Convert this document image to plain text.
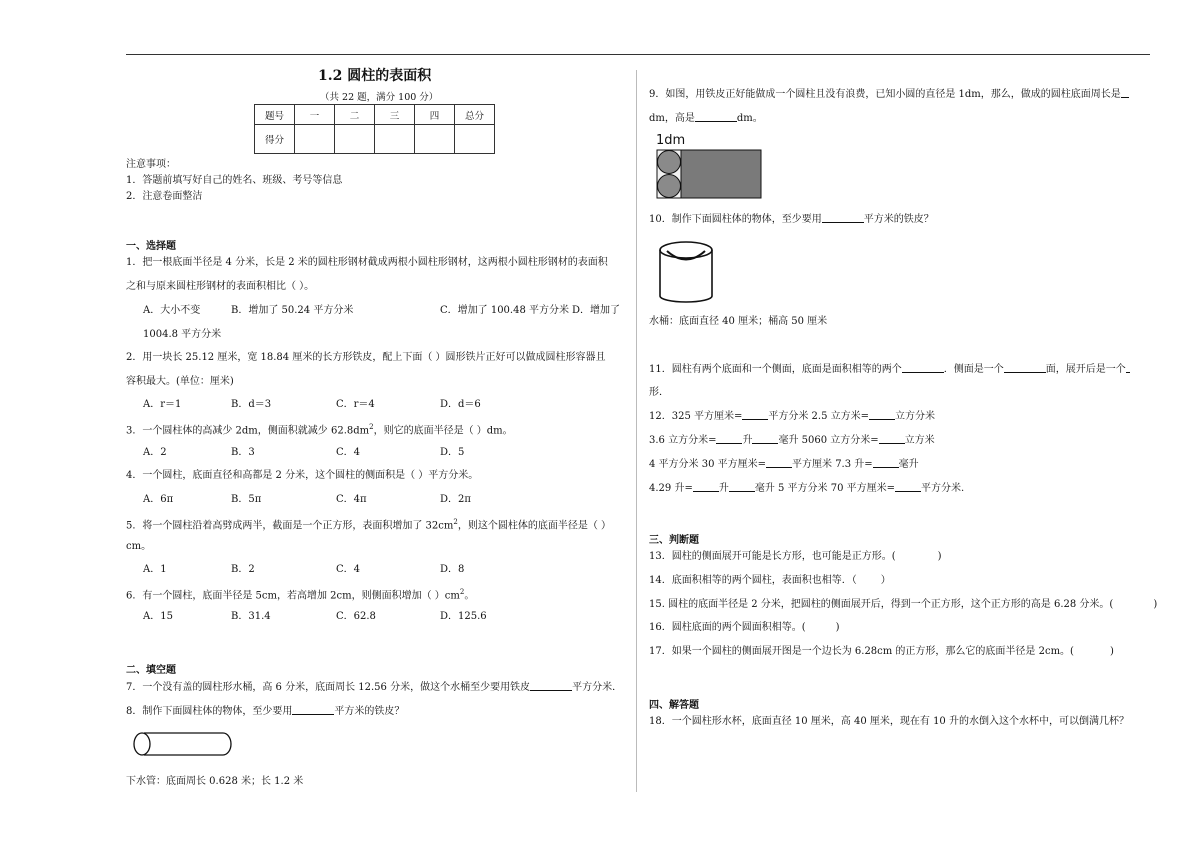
1.2 圆柱的表面积
（共 22 题，满分 100 分）
题号	一	二	三	四	总分
得分					
注意事项：
1．答题前填写好自己的姓名、班级、考号等信息
2．注意卷面整洁
一、选择题
1．把一根底面半径是 4 分米，长是 2 米的圆柱形钢材截成两根小圆柱形钢材，这两根小圆柱形钢材的表面积
之和与原来圆柱形钢材的表面积相比（ ）。
A．大小不变	B．增加了 50.24 平方分米	C．增加了 100.48 平方分米 D．增加了
1004.8 平方分米
2．用一块长 25.12 厘米，宽 18.84 厘米的长方形铁皮，配上下面（ ）圆形铁片正好可以做成圆柱形容器且
容积最大。(单位：厘米)
A．r＝1	B．d＝3	C．r＝4	D．d＝6
3．一个圆柱体的高减少 2dm，侧面积就减少 $62.8dm^2$，则它的底面半径是（ ）dm。
A．2	B．3	C．4	D．5
4．一个圆柱，底面直径和高都是 2 分米，这个圆柱的侧面积是（ ）平方分米。
A．6π	B．5π	C．4π	D．2π
5．将一个圆柱沿着高劈成两半，截面是一个正方形，表面积增加了 $32cm^2$，则这个圆柱体的底面半径是（ ）
cm。
A．1	B．2	C．4	D．8
6．有一个圆柱，底面半径是 5cm，若高增加 2cm，则侧面积增加（ ）$cm^2$。
A．15	B．31.4	C．62.8	D．125.6
二、填空题
7．一个没有盖的圆柱形水桶，高 6 分米，底面周长 12.56 分米，做这个水桶至少要用铁皮	平方分米．
8．制作下面圆柱体的物体，至少要用	平方米的铁皮？
下水管：底面周长 0.628 米；长 1.2 米
9．如图，用铁皮正好能做成一个圆柱且没有浪费，已知小圆的直径是 1dm，那么，做成的圆柱底面周长是
dm，高是	dm。
1dm
10．制作下面圆柱体的物体，至少要用	平方米的铁皮？
水桶：底面直径 40 厘米；桶高 50 厘米
11．圆柱有两个底面和一个侧面，底面是面积相等的两个	．侧面是一个	面，展开后是一个
形．
12．325 平方厘米=	平方分米 2.5 立方米=	立方分米
3.6 立方分米=	升	毫升 5060 立方分米=	立方米
4 平方分米 30 平方厘米=	平方厘米 7.3 升=	毫升
4.29 升=	升	毫升 5 平方分米 70 平方厘米=	平方分米.
三、判断题
13．圆柱的侧面展开可能是长方形，也可能是正方形。(	)
14．底面积相等的两个圆柱，表面积也相等．（ ）
15. 圆柱的底面半径是 2 分米，把圆柱的侧面展开后，得到一个正方形，这个正方形的高是 6.28 分米。(	)
16．圆柱底面的两个圆面积相等。(	)
17．如果一个圆柱的侧面展开图是一个边长为 6.28cm 的正方形，那么它的底面半径是 2cm。(	)
四、解答题
18．一个圆柱形水杯，底面直径 10 厘米，高 40 厘米，现在有 10 升的水倒入这个水杯中，可以倒满几杯？
